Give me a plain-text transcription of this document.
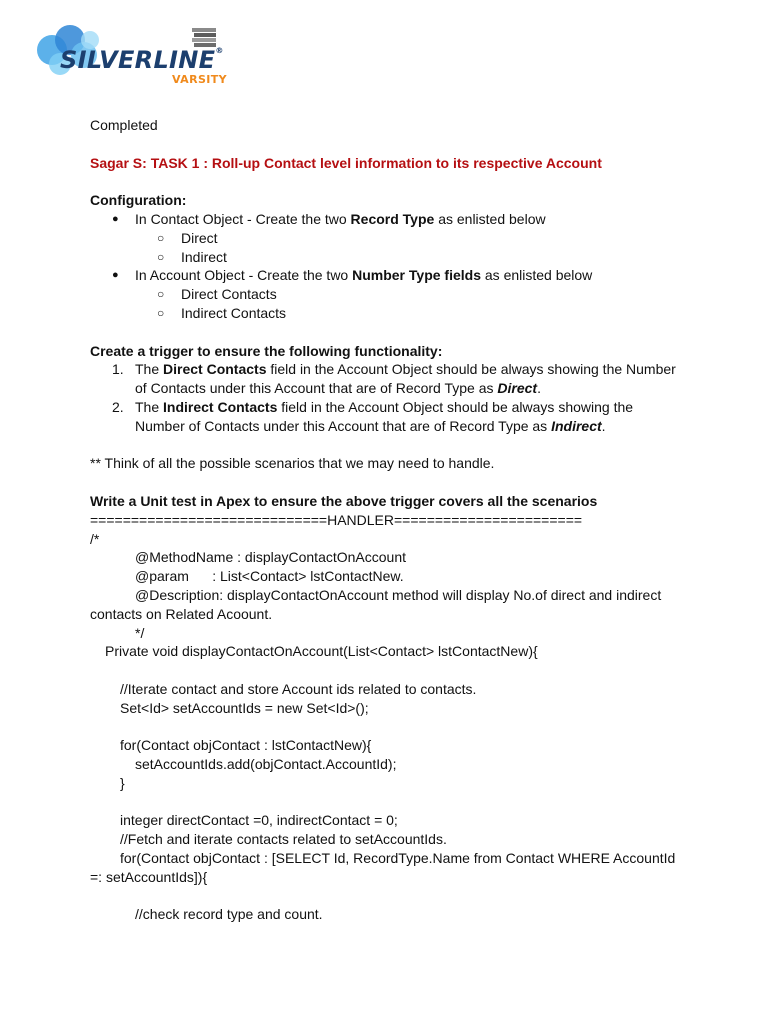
SILVERLINE®
VARSITY
Completed
Sagar S: TASK 1 : Roll-up Contact level information to its respective Account
Configuration:
● In Contact Object - Create the two Record Type as enlisted below
○ Direct
○ Indirect
● In Account Object - Create the two Number Type fields as enlisted below
○ Direct Contacts
○ Indirect Contacts
Create a trigger to ensure the following functionality:
1. The Direct Contacts field in the Account Object should be always showing the Number of Contacts under this Account that are of Record Type as Direct.
2. The Indirect Contacts field in the Account Object should be always showing the Number of Contacts under this Account that are of Record Type as Indirect.
** Think of all the possible scenarios that we may need to handle.
Write a Unit test in Apex to ensure the above trigger covers all the scenarios
=============================HANDLER=======================
/*
@MethodName : displayContactOnAccount
@param      : List<Contact> lstContactNew.
@Description: displayContactOnAccount method will display No.of direct and indirect contacts on Related Acoount.
*/
Private void displayContactOnAccount(List<Contact> lstContactNew){
//Iterate contact and store Account ids related to contacts.
Set<Id> setAccountIds = new Set<Id>();
for(Contact objContact : lstContactNew){
setAccountIds.add(objContact.AccountId);
}
integer directContact =0, indirectContact = 0;
//Fetch and iterate contacts related to setAccountIds.
for(Contact objContact : [SELECT Id, RecordType.Name from Contact WHERE AccountId
=: setAccountIds]){
//check record type and count.
